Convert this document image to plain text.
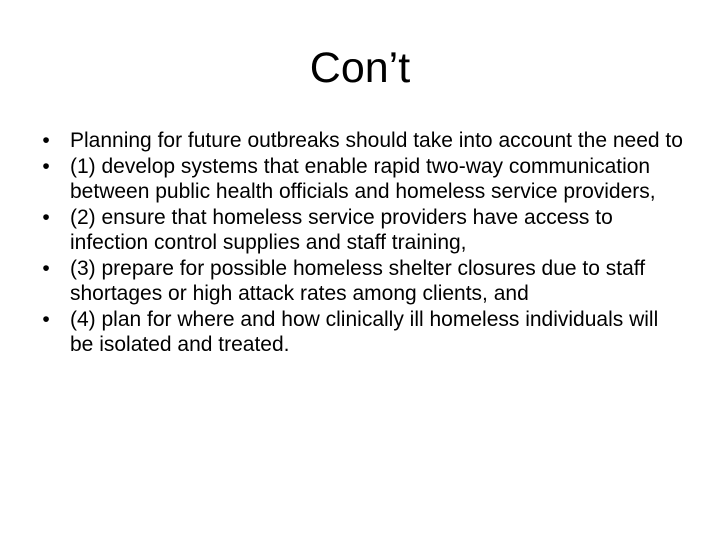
Con’t
• Planning for future outbreaks should take into account the need to
• (1) develop systems that enable rapid two-way communication between public health officials and homeless service providers,
• (2) ensure that homeless service providers have access to infection control supplies and staff training,
• (3) prepare for possible homeless shelter closures due to staff shortages or high attack rates among clients, and
• (4) plan for where and how clinically ill homeless individuals will be isolated and treated.
